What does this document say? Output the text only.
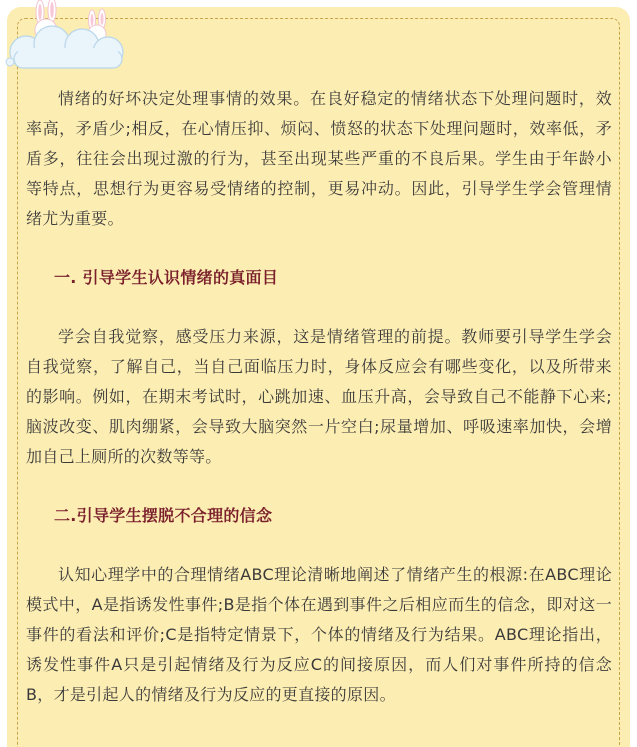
情绪的好坏决定处理事情的效果。在良好稳定的情绪状态下处理问题时，效率高，矛盾少;相反，在心情压抑、烦闷、愤怒的状态下处理问题时，效率低，矛盾多，往往会出现过激的行为，甚至出现某些严重的不良后果。学生由于年龄小等特点，思想行为更容易受情绪的控制，更易冲动。因此，引导学生学会管理情绪尤为重要。

一. 引导学生认识情绪的真面目

学会自我觉察，感受压力来源，这是情绪管理的前提。教师要引导学生学会自我觉察，了解自己，当自己面临压力时，身体反应会有哪些变化，以及所带来的影响。例如，在期末考试时，心跳加速、血压升高，会导致自己不能静下心来;脑波改变、肌肉绷紧，会导致大脑突然一片空白;尿量增加、呼吸速率加快，会增加自己上厕所的次数等等。

二.引导学生摆脱不合理的信念

认知心理学中的合理情绪ABC理论清晰地阐述了情绪产生的根源:在ABC理论模式中，A是指诱发性事件;B是指个体在遇到事件之后相应而生的信念，即对这一事件的看法和评价;C是指特定情景下，个体的情绪及行为结果。ABC理论指出，诱发性事件A只是引起情绪及行为反应C的间接原因，而人们对事件所持的信念B，才是引起人的情绪及行为反应的更直接的原因。
